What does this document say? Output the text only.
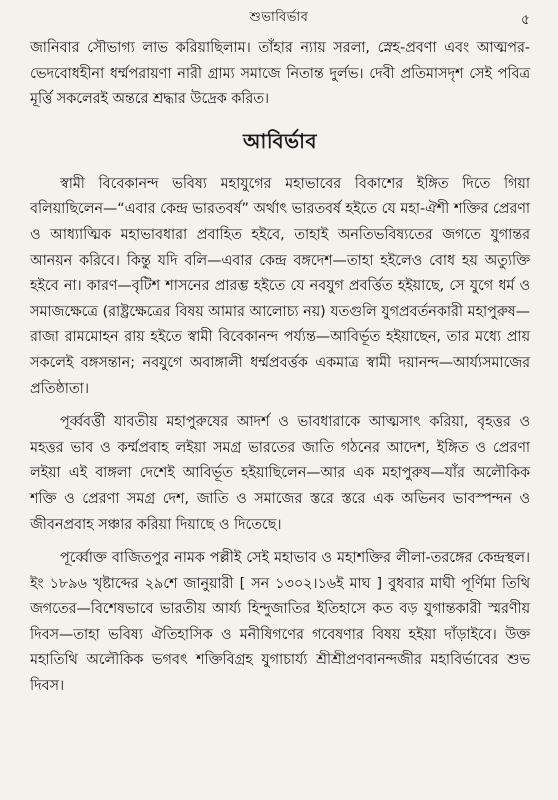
শুভাবির্ভাব	৫

জানিবার সৌভাগ্য লাভ করিয়াছিলাম। তাঁহার ন্যায় সরলা, স্নেহ-প্রবণা এবং আত্মপর-ভেদবোধহীনা ধর্ম্মপরায়ণা নারী গ্রাম্য সমাজে নিতান্ত দুর্লভ। দেবী প্রতিমাসদৃশ সেই পবিত্র মূর্ত্তি সকলেরই অন্তরে শ্রদ্ধার উদ্রেক করিত।

আবির্ভাব

স্বামী বিবেকানন্দ ভবিষ্য মহাযুগের মহাভাবের বিকাশের ইঙ্গিত দিতে গিয়া বলিয়াছিলেন—“এবার কেন্দ্র ভারতবর্ষ” অর্থাৎ ভারতবর্ষ হইতে যে মহা-ঐশী শক্তির প্রেরণা ও আধ্যাত্মিক মহাভাবধারা প্রবাহিত হইবে, তাহাই অনতিভবিষ্যতের জগতে যুগান্তর আনয়ন করিবে। কিন্তু যদি বলি—এবার কেন্দ্র বঙ্গদেশ—তাহা হইলেও বোধ হয় অত্যুক্তি হইবে না। কারণ—বৃটিশ শাসনের প্রারম্ভ হইতে যে নবযুগ প্রবর্ত্তিত হইয়াছে, সে যুগে ধর্ম ও সমাজক্ষেত্রে (রাষ্ট্রক্ষেত্রের বিষয় আমার আলোচ্য নয়) যতগুলি যুগপ্রবর্তনকারী মহাপুরুষ—রাজা রামমোহন রায় হইতে স্বামী বিবেকানন্দ পর্য্যন্ত—আবির্ভূত হইয়াছেন, তার মধ্যে প্রায় সকলেই বঙ্গসন্তান; নবযুগে অবাঙ্গালী ধর্ম্মপ্রবর্ত্তক একমাত্র স্বামী দয়ানন্দ—আর্য্যসমাজের প্রতিষ্ঠাতা।

পূর্ব্ববর্ত্তী যাবতীয় মহাপুরুষের আদর্শ ও ভাবধারাকে আত্মসাৎ করিয়া, বৃহত্তর ও মহত্তর ভাব ও কর্ম্মপ্রবাহ লইয়া সমগ্র ভারতের জাতি গঠনের আদেশ, ইঙ্গিত ও প্রেরণা লইয়া এই বাঙ্গলা দেশেই আবির্ভূত হইয়াছিলেন—আর এক মহাপুরুষ—যাঁর অলৌকিক শক্তি ও প্রেরণা সমগ্র দেশ, জাতি ও সমাজের স্তরে স্তরে এক অভিনব ভাবস্পন্দন ও জীবনপ্রবাহ সঞ্চার করিয়া দিয়াছে ও দিতেছে।

পূর্ব্বোক্ত বাজিতপুর নামক পল্লীই সেই মহাভাব ও মহাশক্তির লীলা-তরঙ্গের কেন্দ্রস্থল। ইং ১৮৯৬ খৃষ্টাব্দের ২৯শে জানুয়ারী [ সন ১৩০২।১৬ই মাঘ ] বুধবার মাঘী পূর্ণিমা তিথি জগতের—বিশেষভাবে ভারতীয় আর্য্য হিন্দুজাতির ইতিহাসে কত বড় যুগান্তকারী স্মরণীয় দিবস—তাহা ভবিষ্য ঐতিহাসিক ও মনীষিগণের গবেষণার বিষয় হইয়া দাঁড়াইবে। উক্ত মহাতিথি অলৌকিক ভগবৎ শক্তিবিগ্রহ যুগাচার্য্য শ্রীশ্রীপ্রণবানন্দজীর মহাবির্ভাবের শুভ দিবস।
